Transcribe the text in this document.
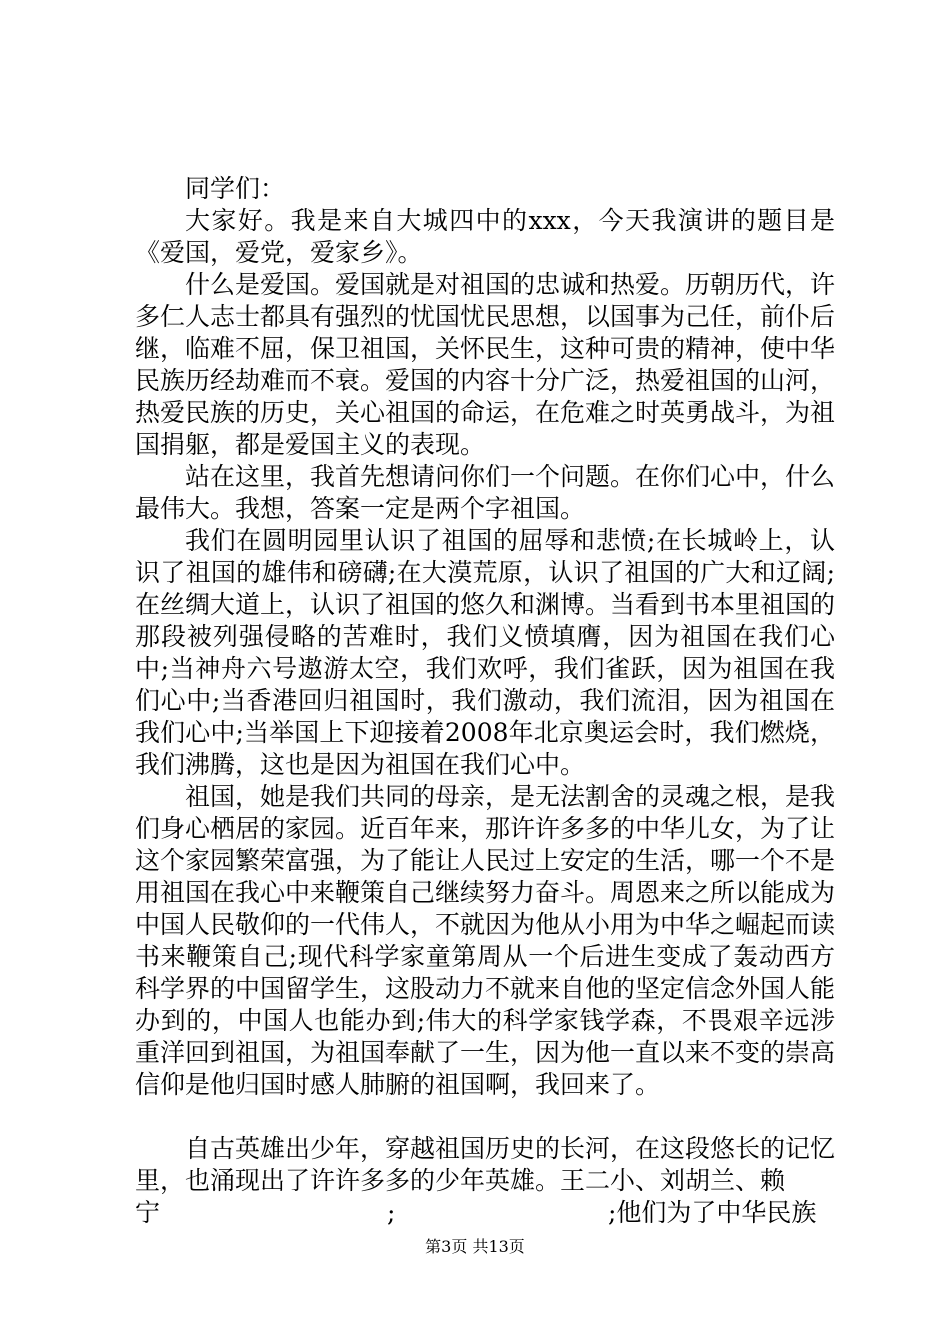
同学们：

大家好。我是来自大城四中的xxx，今天我演讲的题目是《爱国，爱党，爱家乡》。

什么是爱国。爱国就是对祖国的忠诚和热爱。历朝历代，许多仁人志士都具有强烈的忧国忧民思想，以国事为己任，前仆后继，临难不屈，保卫祖国，关怀民生，这种可贵的精神，使中华民族历经劫难而不衰。爱国的内容十分广泛，热爱祖国的山河，热爱民族的历史，关心祖国的命运，在危难之时英勇战斗，为祖国捐躯，都是爱国主义的表现。

站在这里，我首先想请问你们一个问题。在你们心中，什么最伟大。我想，答案一定是两个字祖国。

我们在圆明园里认识了祖国的屈辱和悲愤;在长城岭上，认识了祖国的雄伟和磅礴;在大漠荒原，认识了祖国的广大和辽阔;在丝绸大道上，认识了祖国的悠久和渊博。当看到书本里祖国的那段被列强侵略的苦难时，我们义愤填膺，因为祖国在我们心中;当神舟六号遨游太空，我们欢呼，我们雀跃，因为祖国在我们心中;当香港回归祖国时，我们激动，我们流泪，因为祖国在我们心中;当举国上下迎接着2008年北京奥运会时，我们燃烧，我们沸腾，这也是因为祖国在我们心中。

祖国，她是我们共同的母亲，是无法割舍的灵魂之根，是我们身心栖居的家园。近百年来，那许许多多的中华儿女，为了让这个家园繁荣富强，为了能让人民过上安定的生活，哪一个不是用祖国在我心中来鞭策自己继续努力奋斗。周恩来之所以能成为中国人民敬仰的一代伟人，不就因为他从小用为中华之崛起而读书来鞭策自己;现代科学家童第周从一个后进生变成了轰动西方科学界的中国留学生，这股动力不就来自他的坚定信念外国人能办到的，中国人也能办到;伟大的科学家钱学森，不畏艰辛远涉重洋回到祖国，为祖国奉献了一生，因为他一直以来不变的崇高信仰是他归国时感人肺腑的祖国啊，我回来了。

自古英雄出少年，穿越祖国历史的长河，在这段悠长的记忆里，也涌现出了许许多多的少年英雄。王二小、刘胡兰、赖

宁	;	;他们为了中华民族
第3页 共13页
